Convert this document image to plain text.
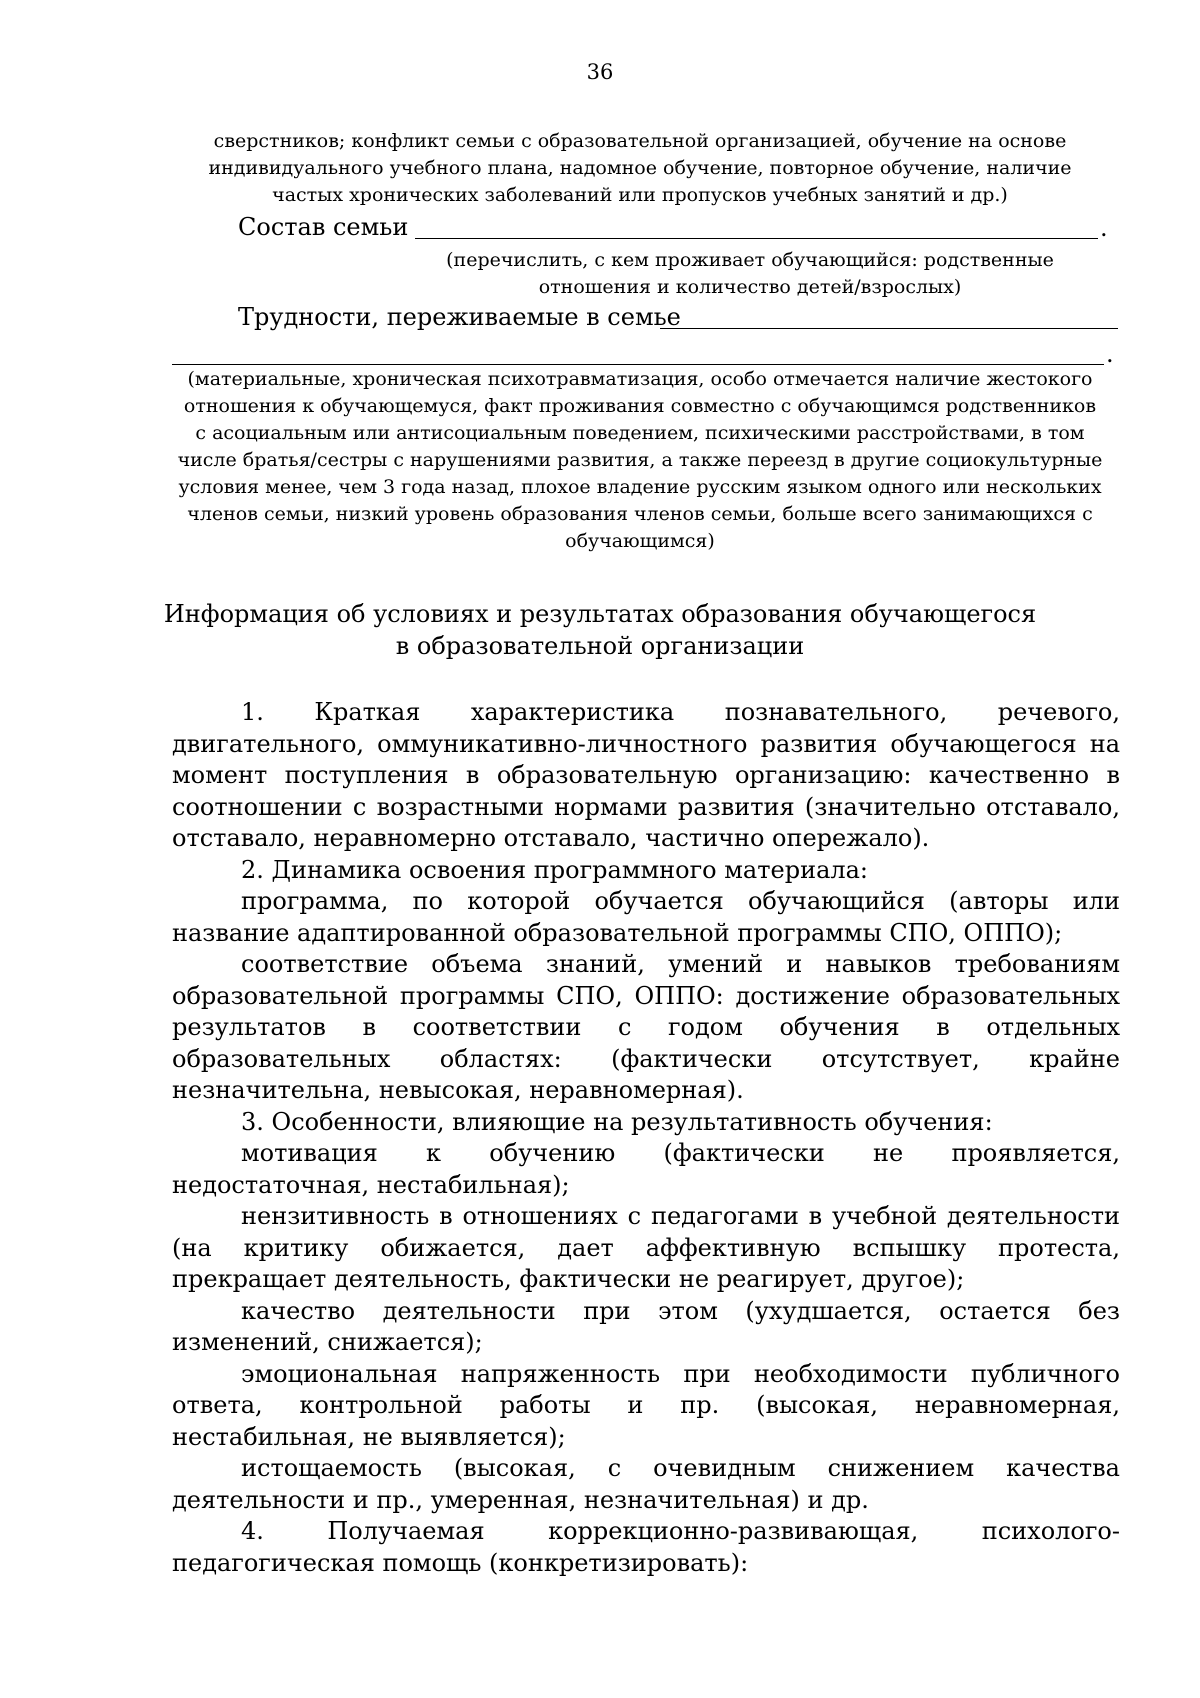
36
сверстников; конфликт семьи с образовательной организацией, обучение на основе
индивидуального учебного плана, надомное обучение, повторное обучение, наличие
частых хронических заболеваний или пропусков учебных занятий и др.)
Состав семьи	.
(перечислить, с кем проживает обучающийся: родственные
отношения и количество детей/взрослых)
Трудности, переживаемые в семье
.
(материальные, хроническая психотравматизация, особо отмечается наличие жестокого
отношения к обучающемуся, факт проживания совместно с обучающимся родственников
с асоциальным или антисоциальным поведением, психическими расстройствами, в том
числе братья/сестры с нарушениями развития, а также переезд в другие социокультурные
условия менее, чем 3 года назад, плохое владение русским языком одного или нескольких
членов семьи, низкий уровень образования членов семьи, больше всего занимающихся с
обучающимся)
Информация об условиях и результатах образования обучающегося
в образовательной организации

1. Краткая характеристика познавательного, речевого, двигательного, оммуникативно-личностного развития обучающегося на момент поступления в образовательную организацию: качественно в соотношении с возрастными нормами развития (значительно отставало, отставало, неравномерно отставало, частично опережало).

2. Динамика освоения программного материала:

программа, по которой обучается обучающийся (авторы или название адаптированной образовательной программы СПО, ОППО);

соответствие объема знаний, умений и навыков требованиям образовательной программы СПО, ОППО: достижение образовательных результатов в соответствии с годом обучения в отдельных образовательных областях: (фактически отсутствует, крайне незначительна, невысокая, неравномерная).

3. Особенности, влияющие на результативность обучения:

мотивация к обучению (фактически не проявляется, недостаточная, нестабильная);

нензитивность в отношениях с педагогами в учебной деятельности (на критику обижается, дает аффективную вспышку протеста, прекращает деятельность, фактически не реагирует, другое);

качество деятельности при этом (ухудшается, остается без изменений, снижается);

эмоциональная напряженность при необходимости публичного ответа, контрольной работы и пр. (высокая, неравномерная, нестабильная, не выявляется);

истощаемость (высокая, с очевидным снижением качества деятельности и пр., умеренная, незначительная) и др.

4. Получаемая коррекционно-развивающая, психолого-педагогическая помощь (конкретизировать):
